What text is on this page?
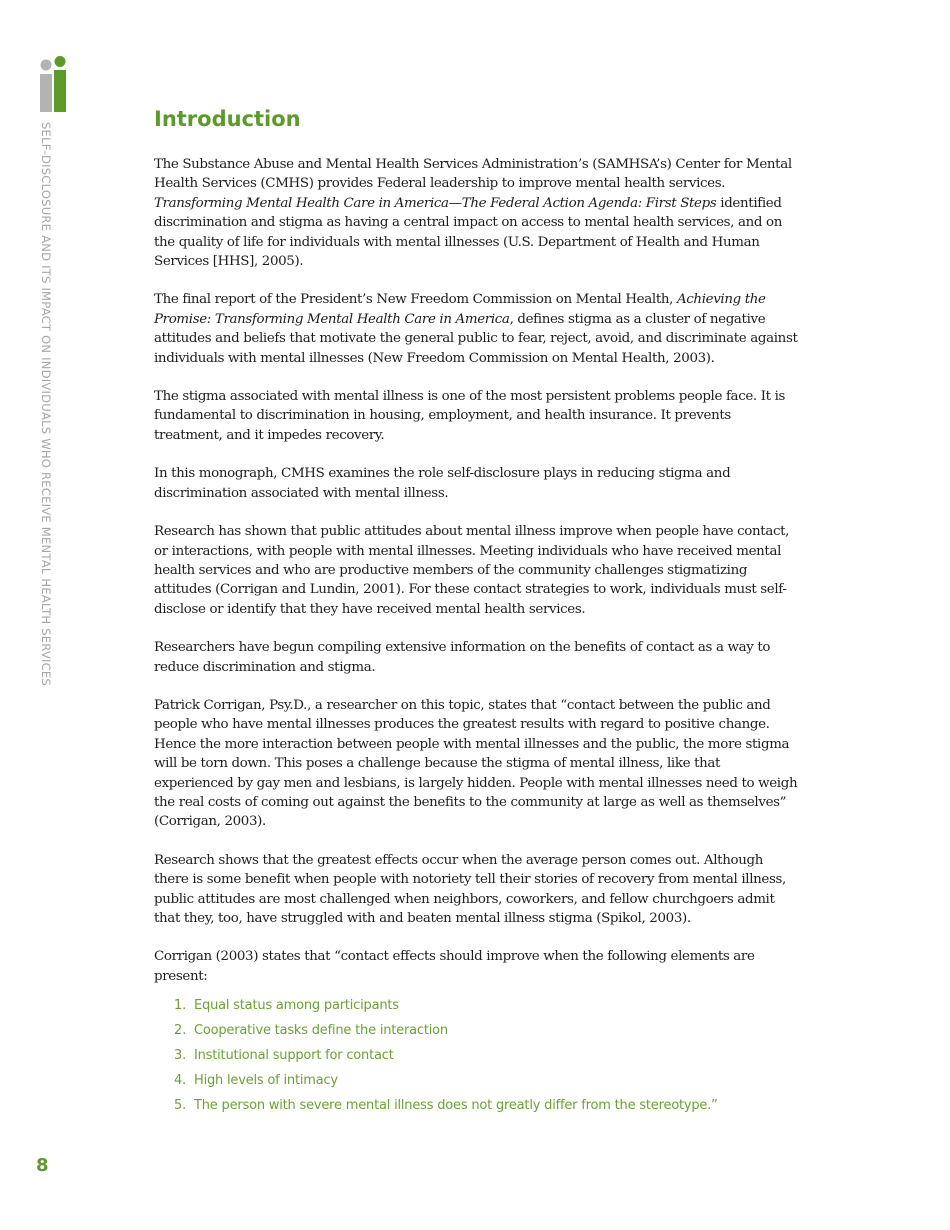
SELF-DISCLOSURE AND ITS IMPACT ON INDIVIDUALS WHO RECEIVE MENTAL HEALTH SERVICES
8
Introduction

The Substance Abuse and Mental Health Services Administration’s (SAMHSA’s) Center for Mental Health Services (CMHS) provides Federal leadership to improve mental health services. Transforming Mental Health Care in America—The Federal Action Agenda: First Steps identified discrimination and stigma as having a central impact on access to mental health services, and on the quality of life for individuals with mental illnesses (U.S. Department of Health and Human Services [HHS], 2005).

The final report of the President’s New Freedom Commission on Mental Health, Achieving the Promise: Transforming Mental Health Care in America, defines stigma as a cluster of negative attitudes and beliefs that motivate the general public to fear, reject, avoid, and discriminate against individuals with mental illnesses (New Freedom Commission on Mental Health, 2003).

The stigma associated with mental illness is one of the most persistent problems people face. It is fundamental to discrimination in housing, employment, and health insurance. It prevents treatment, and it impedes recovery.

In this monograph, CMHS examines the role self-disclosure plays in reducing stigma and discrimination associated with mental illness.

Research has shown that public attitudes about mental illness improve when people have contact, or interactions, with people with mental illnesses. Meeting individuals who have received mental health services and who are productive members of the community challenges stigmatizing attitudes (Corrigan and Lundin, 2001). For these contact strategies to work, individuals must self-disclose or identify that they have received mental health services.

Researchers have begun compiling extensive information on the benefits of contact as a way to reduce discrimination and stigma.

Patrick Corrigan, Psy.D., a researcher on this topic, states that “contact between the public and people who have mental illnesses produces the greatest results with regard to positive change. Hence the more interaction between people with mental illnesses and the public, the more stigma will be torn down. This poses a challenge because the stigma of mental illness, like that experienced by gay men and lesbians, is largely hidden. People with mental illnesses need to weigh the real costs of coming out against the benefits to the community at large as well as themselves” (Corrigan, 2003).

Research shows that the greatest effects occur when the average person comes out. Although there is some benefit when people with notoriety tell their stories of recovery from mental illness, public attitudes are most challenged when neighbors, coworkers, and fellow churchgoers admit that they, too, have struggled with and beaten mental illness stigma (Spikol, 2003).

Corrigan (2003) states that “contact effects should improve when the following elements are present:

1. Equal status among participants
2. Cooperative tasks define the interaction
3. Institutional support for contact
4. High levels of intimacy
5. The person with severe mental illness does not greatly differ from the stereotype.”
